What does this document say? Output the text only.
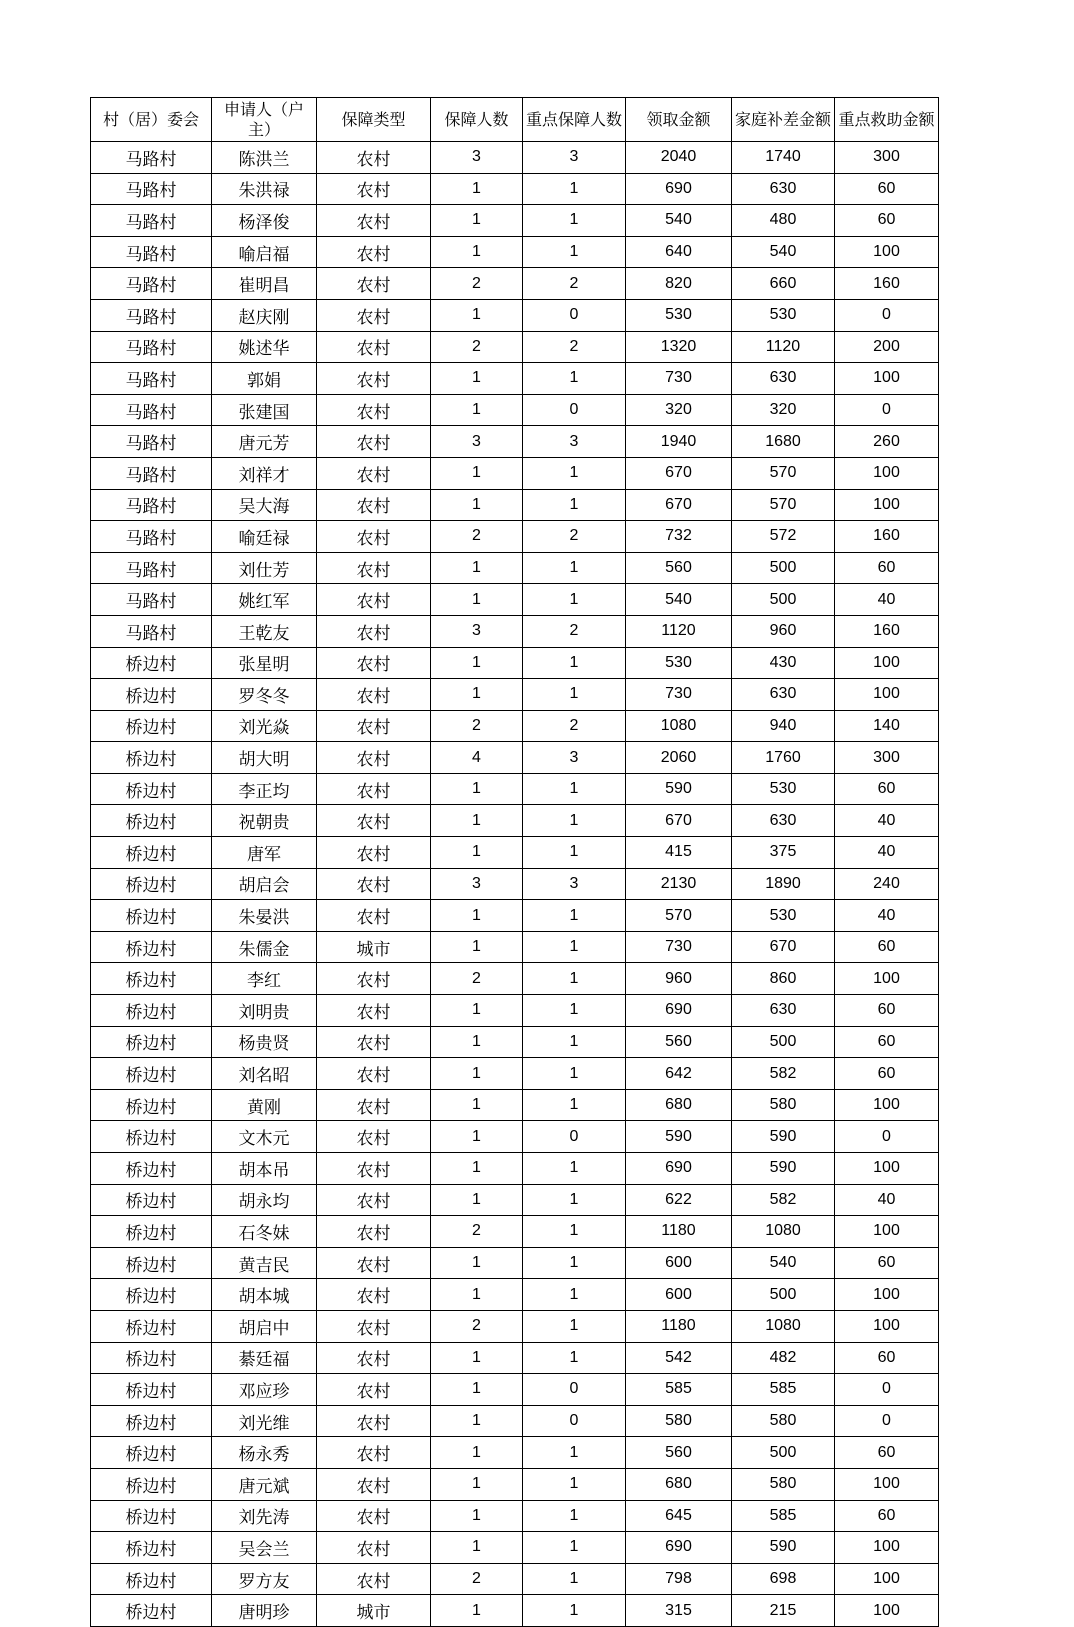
村（居）委会	申请人（户主）	保障类型	保障人数	重点保障人数	领取金额	家庭补差金额	重点救助金额
马路村	陈洪兰	农村	3	3	2040	1740	300
马路村	朱洪禄	农村	1	1	690	630	60
马路村	杨泽俊	农村	1	1	540	480	60
马路村	喻启福	农村	1	1	640	540	100
马路村	崔明昌	农村	2	2	820	660	160
马路村	赵庆刚	农村	1	0	530	530	0
马路村	姚述华	农村	2	2	1320	1120	200
马路村	郭娟	农村	1	1	730	630	100
马路村	张建国	农村	1	0	320	320	0
马路村	唐元芳	农村	3	3	1940	1680	260
马路村	刘祥才	农村	1	1	670	570	100
马路村	吴大海	农村	1	1	670	570	100
马路村	喻廷禄	农村	2	2	732	572	160
马路村	刘仕芳	农村	1	1	560	500	60
马路村	姚红军	农村	1	1	540	500	40
马路村	王乾友	农村	3	2	1120	960	160
桥边村	张星明	农村	1	1	530	430	100
桥边村	罗冬冬	农村	1	1	730	630	100
桥边村	刘光焱	农村	2	2	1080	940	140
桥边村	胡大明	农村	4	3	2060	1760	300
桥边村	李正均	农村	1	1	590	530	60
桥边村	祝朝贵	农村	1	1	670	630	40
桥边村	唐军	农村	1	1	415	375	40
桥边村	胡启会	农村	3	3	2130	1890	240
桥边村	朱晏洪	农村	1	1	570	530	40
桥边村	朱儒金	城市	1	1	730	670	60
桥边村	李红	农村	2	1	960	860	100
桥边村	刘明贵	农村	1	1	690	630	60
桥边村	杨贵贤	农村	1	1	560	500	60
桥边村	刘名昭	农村	1	1	642	582	60
桥边村	黄刚	农村	1	1	680	580	100
桥边村	文木元	农村	1	0	590	590	0
桥边村	胡本吊	农村	1	1	690	590	100
桥边村	胡永均	农村	1	1	622	582	40
桥边村	石冬妹	农村	2	1	1180	1080	100
桥边村	黄吉民	农村	1	1	600	540	60
桥边村	胡本城	农村	1	1	600	500	100
桥边村	胡启中	农村	2	1	1180	1080	100
桥边村	綦廷福	农村	1	1	542	482	60
桥边村	邓应珍	农村	1	0	585	585	0
桥边村	刘光维	农村	1	0	580	580	0
桥边村	杨永秀	农村	1	1	560	500	60
桥边村	唐元斌	农村	1	1	680	580	100
桥边村	刘先涛	农村	1	1	645	585	60
桥边村	吴会兰	农村	1	1	690	590	100
桥边村	罗方友	农村	2	1	798	698	100
桥边村	唐明珍	城市	1	1	315	215	100
